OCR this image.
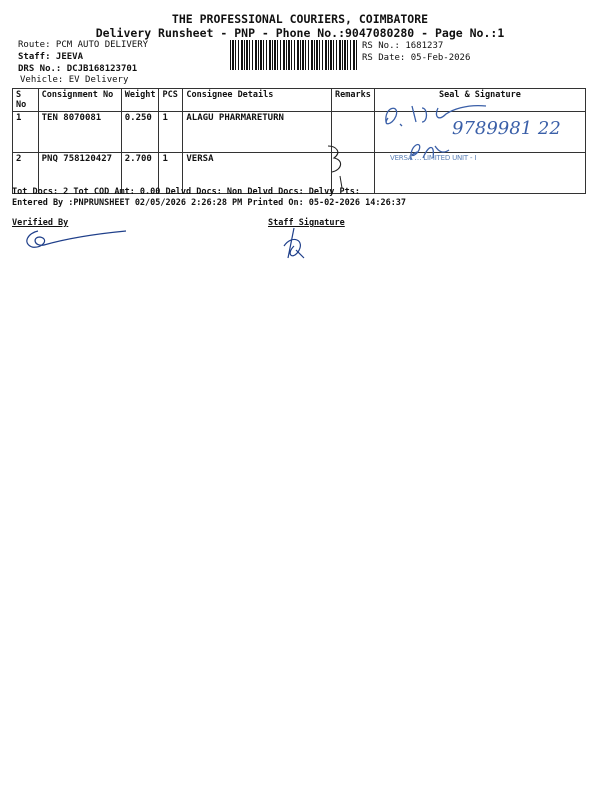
THE PROFESSIONAL COURIERS, COIMBATORE
Delivery Runsheet - PNP - Phone No.:9047080280 - Page No.:1
Route: PCM AUTO DELIVERY
Staff: JEEVA
DRS No.: DCJB168123701
Vehicle: EV Delivery
RS No.: 1681237
RS Date: 05-Feb-2026
S No	Consignment No	Weight	PCS	Consignee Details	Remarks	Seal & Signature
1	TEN 8070081	0.250	1	ALAGU PHARMARETURN		
2	PNQ 758120427	2.700	1	VERSA		
9789981 22
VERSA … LIMITED UNIT - I
Tot Docs: 2 Tot COD Amt: 0.00 Delvd Docs: Non Delvd Docs: Delvy Pts:
Entered By :PNPRUNSHEET 02/05/2026 2:26:28 PM Printed On: 05-02-2026 14:26:37
Verified By	Staff Signature
